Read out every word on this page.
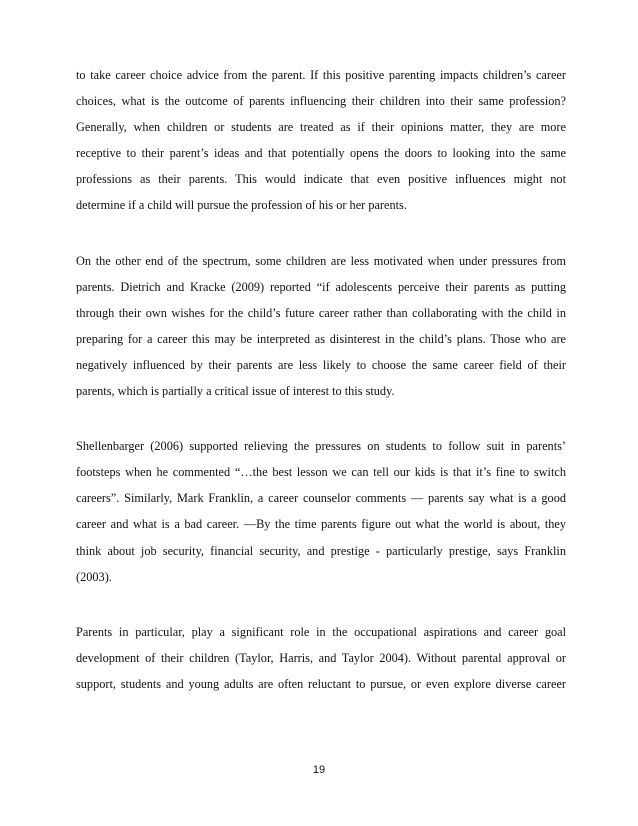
to take career choice advice from the parent. If this positive parenting impacts children’s career
choices, what is the outcome of parents influencing their children into their same profession?
Generally, when children or students are treated as if their opinions matter, they are more
receptive to their parent’s ideas and that potentially opens the doors to looking into the same
professions as their parents. This would indicate that even positive influences might not
determine if a child will pursue the profession of his or her parents.

On the other end of the spectrum, some children are less motivated when under pressures from
parents. Dietrich and Kracke (2009) reported “if adolescents perceive their parents as putting
through their own wishes for the child’s future career rather than collaborating with the child in
preparing for a career this may be interpreted as disinterest in the child’s plans. Those who are
negatively influenced by their parents are less likely to choose the same career field of their
parents, which is partially a critical issue of interest to this study.

Shellenbarger (2006) supported relieving the pressures on students to follow suit in parents’
footsteps when he commented “…the best lesson we can tell our kids is that it’s fine to switch
careers”. Similarly, Mark Franklin, a career counselor comments ― parents say what is a good
career and what is a bad career. ―By the time parents figure out what the world is about, they
think about job security, financial security, and prestige - particularly prestige, says Franklin
(2003).

Parents in particular, play a significant role in the occupational aspirations and career goal
development of their children (Taylor, Harris, and Taylor 2004). Without parental approval or
support, students and young adults are often reluctant to pursue, or even explore diverse career

19
